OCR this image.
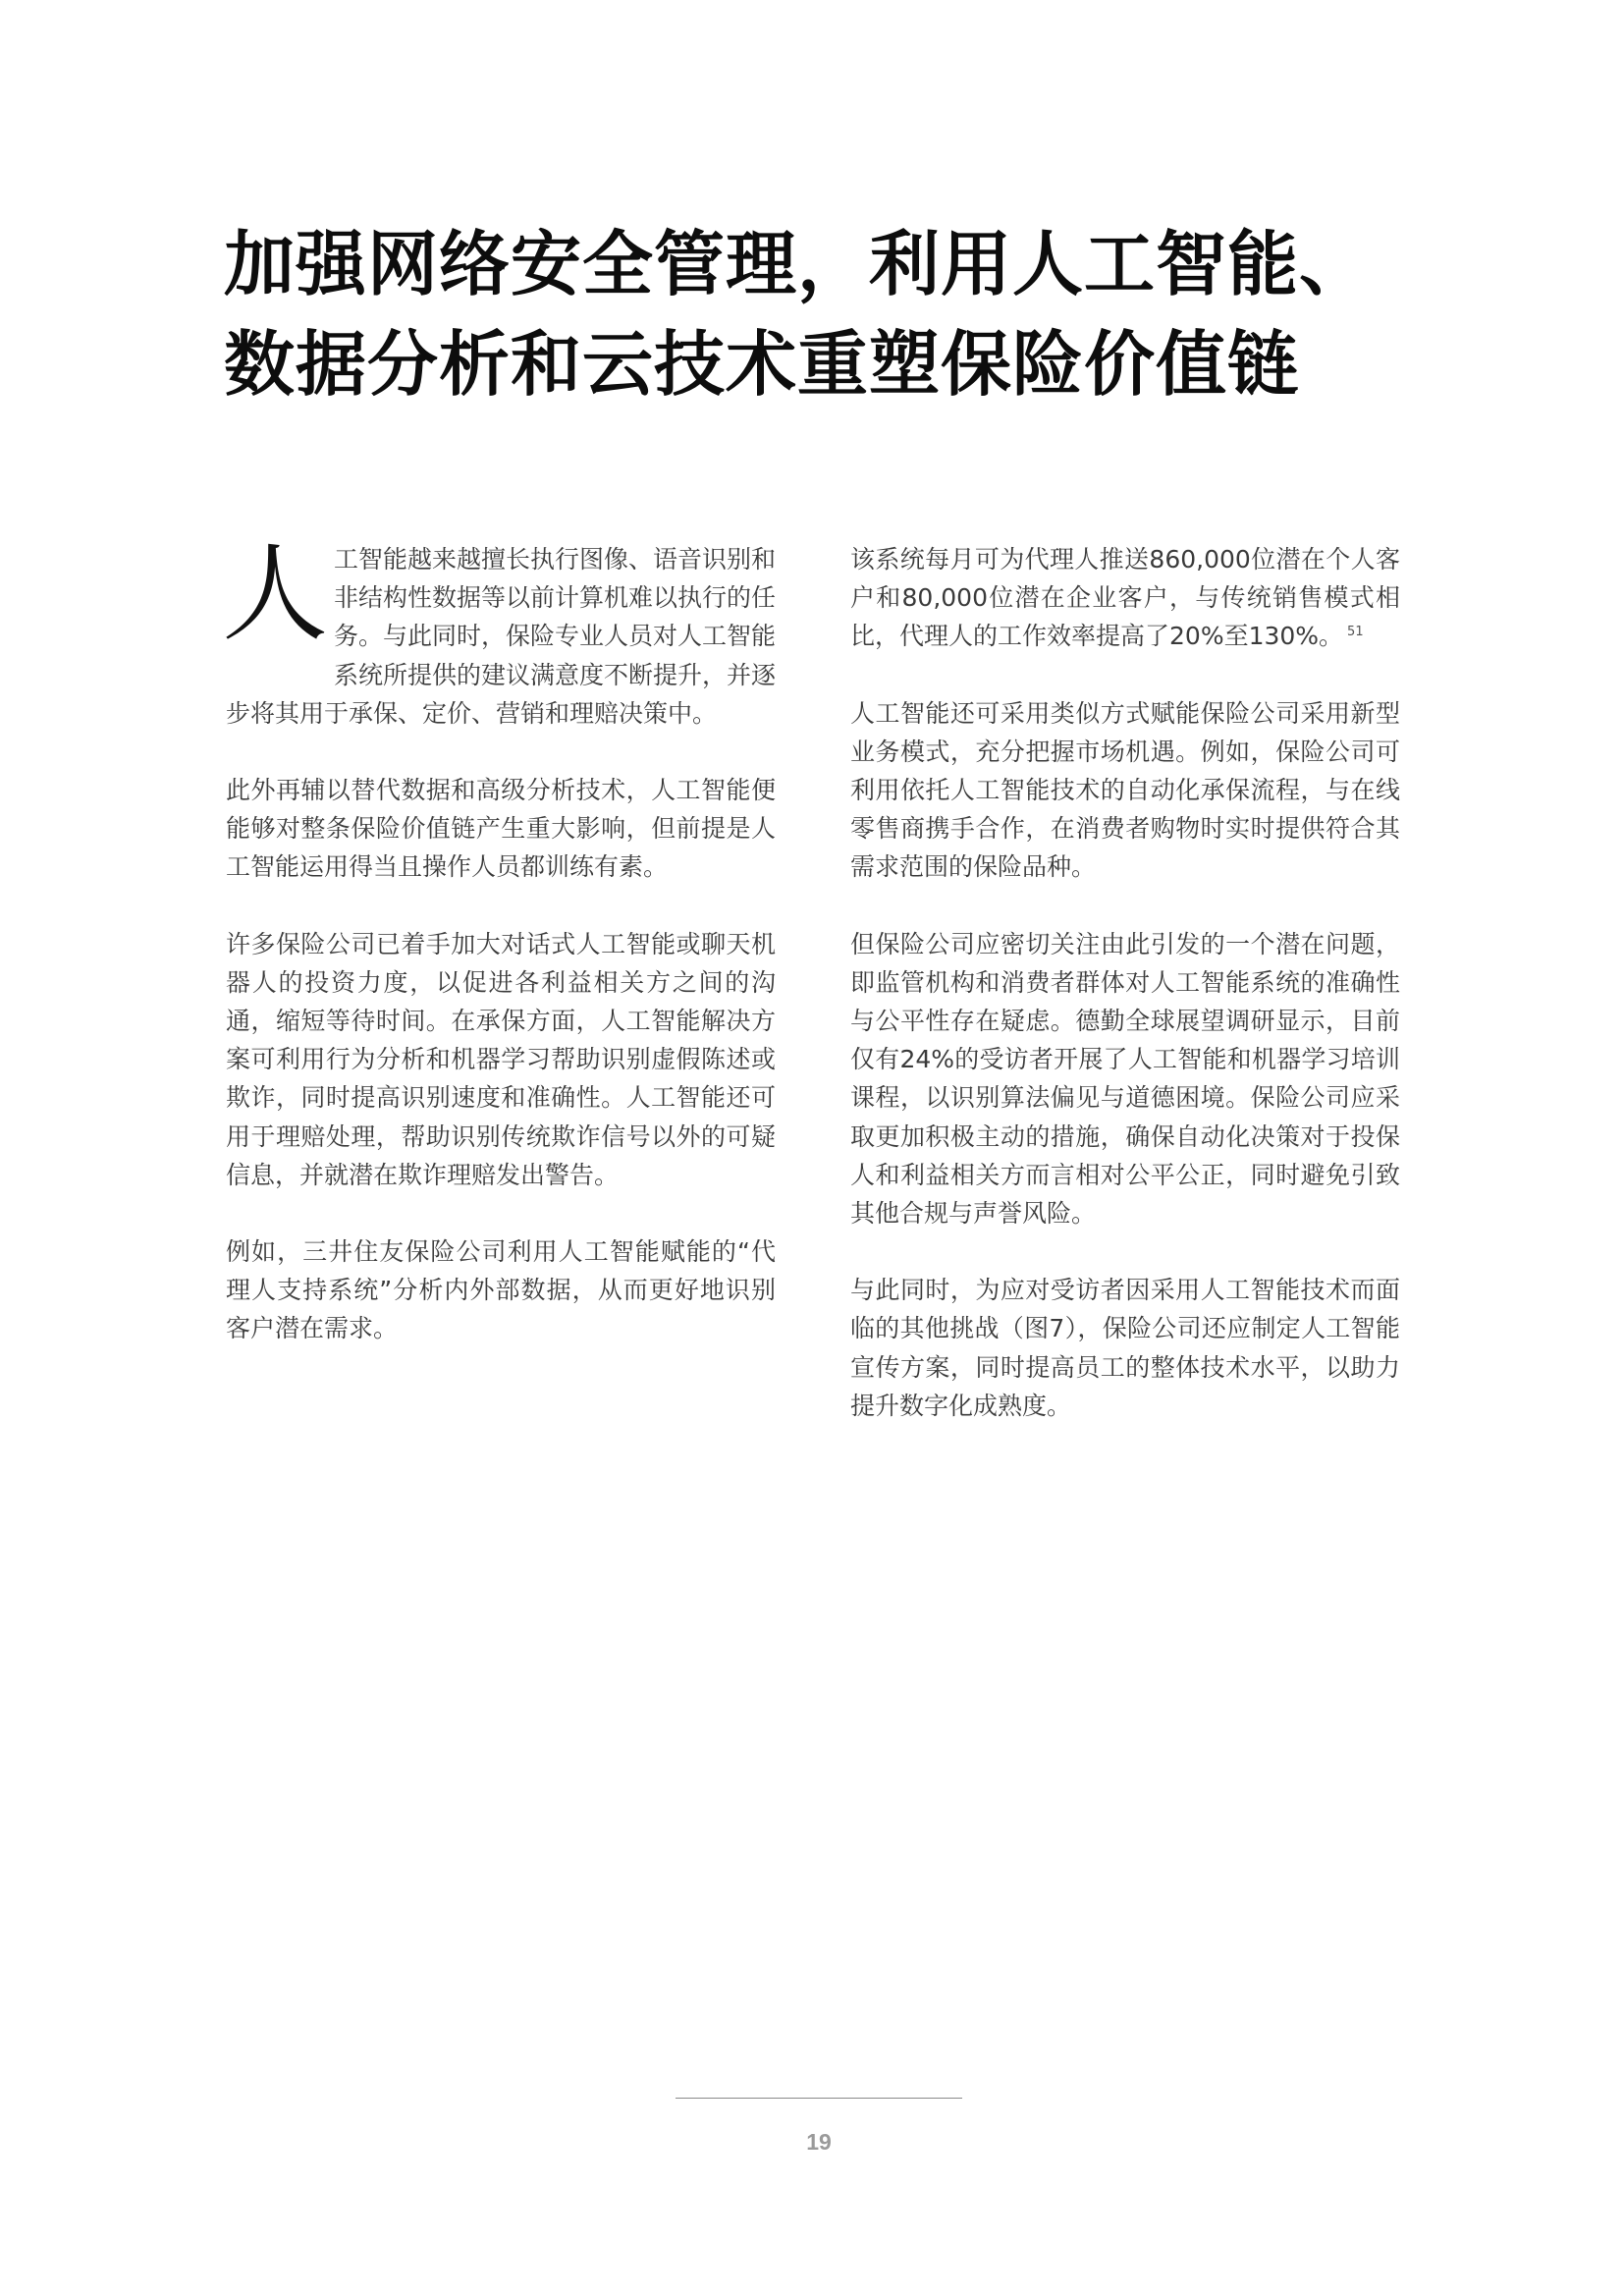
加强网络安全管理，利用人工智能、
数据分析和云技术重塑保险价值链

人工智能越来越擅长执行图像、语音识别和非结构性数据等以前计算机难以执行的任务。与此同时，保险专业人员对人工智能系统所提供的建议满意度不断提升，并逐步将其用于承保、定价、营销和理赔决策中。

此外再辅以替代数据和高级分析技术，人工智能便能够对整条保险价值链产生重大影响，但前提是人工智能运用得当且操作人员都训练有素。

许多保险公司已着手加大对话式人工智能或聊天机器人的投资力度，以促进各利益相关方之间的沟通，缩短等待时间。在承保方面，人工智能解决方案可利用行为分析和机器学习帮助识别虚假陈述或欺诈，同时提高识别速度和准确性。人工智能还可用于理赔处理，帮助识别传统欺诈信号以外的可疑信息，并就潜在欺诈理赔发出警告。

例如，三井住友保险公司利用人工智能赋能的“代理人支持系统”分析内外部数据，从而更好地识别客户潜在需求。

该系统每月可为代理人推送860,000位潜在个人客户和80,000位潜在企业客户，与传统销售模式相比，代理人的工作效率提高了20%至130%。 $^{51}$

人工智能还可采用类似方式赋能保险公司采用新型业务模式，充分把握市场机遇。例如，保险公司可利用依托人工智能技术的自动化承保流程，与在线零售商携手合作，在消费者购物时实时提供符合其需求范围的保险品种。

但保险公司应密切关注由此引发的一个潜在问题，即监管机构和消费者群体对人工智能系统的准确性与公平性存在疑虑。德勤全球展望调研显示，目前仅有24%的受访者开展了人工智能和机器学习培训课程，以识别算法偏见与道德困境。保险公司应采取更加积极主动的措施，确保自动化决策对于投保人和利益相关方而言相对公平公正，同时避免引致其他合规与声誉风险。

与此同时，为应对受访者因采用人工智能技术而面临的其他挑战（图7），保险公司还应制定人工智能宣传方案，同时提高员工的整体技术水平，以助力提升数字化成熟度。

19
